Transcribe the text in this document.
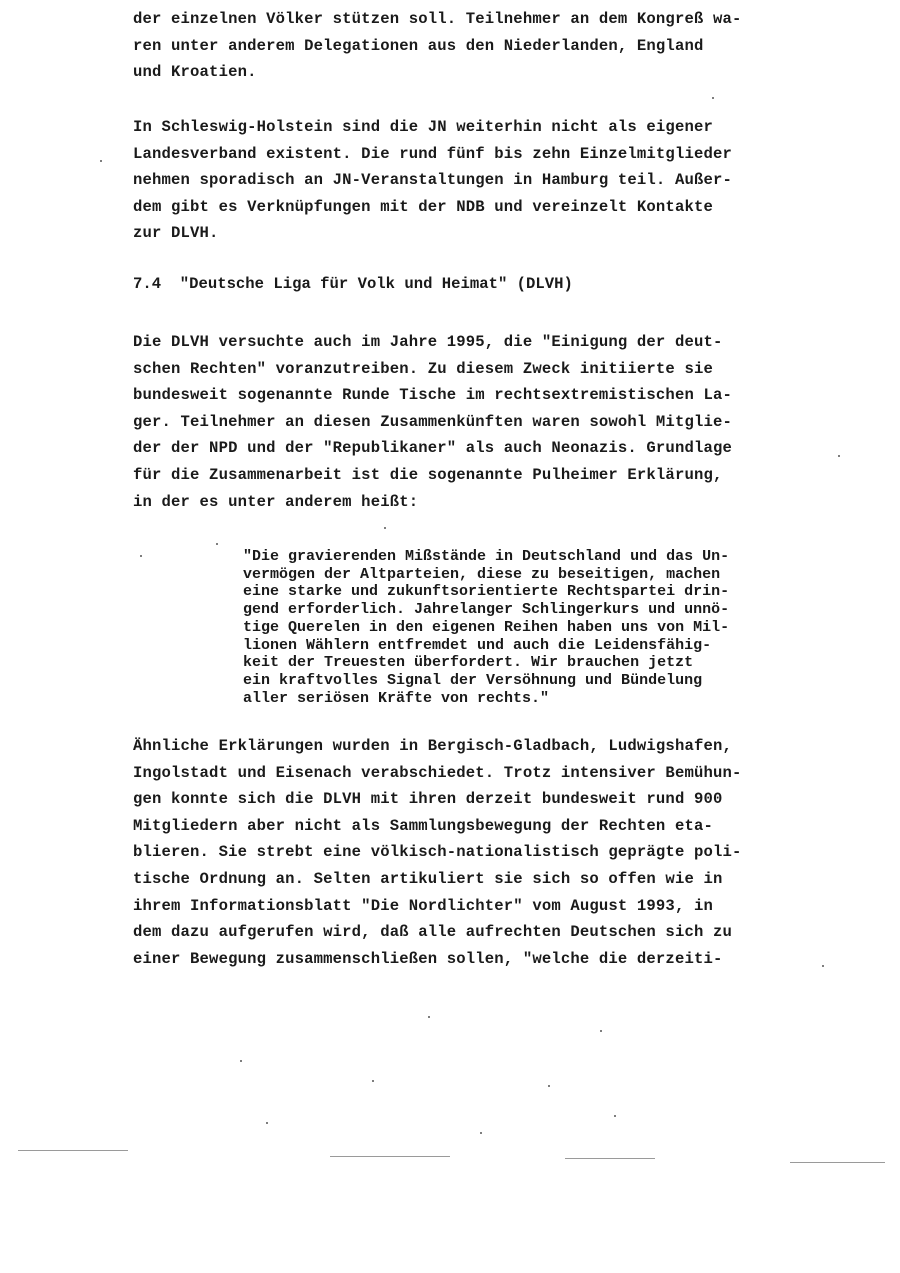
der einzelnen Völker stützen soll. Teilnehmer an dem Kongreß wa-
ren unter anderem Delegationen aus den Niederlanden, England
und Kroatien.
In Schleswig-Holstein sind die JN weiterhin nicht als eigener
Landesverband existent. Die rund fünf bis zehn Einzelmitglieder
nehmen sporadisch an JN-Veranstaltungen in Hamburg teil. Außer-
dem gibt es Verknüpfungen mit der NDB und vereinzelt Kontakte
zur DLVH.
7.4  "Deutsche Liga für Volk und Heimat" (DLVH)
Die DLVH versuchte auch im Jahre 1995, die "Einigung der deut-
schen Rechten" voranzutreiben. Zu diesem Zweck initiierte sie
bundesweit sogenannte Runde Tische im rechtsextremistischen La-
ger. Teilnehmer an diesen Zusammenkünften waren sowohl Mitglie-
der der NPD und der "Republikaner" als auch Neonazis. Grundlage
für die Zusammenarbeit ist die sogenannte Pulheimer Erklärung,
in der es unter anderem heißt:
"Die gravierenden Mißstände in Deutschland und das Un-
vermögen der Altparteien, diese zu beseitigen, machen
eine starke und zukunftsorientierte Rechtspartei drin-
gend erforderlich. Jahrelanger Schlingerkurs und unnö-
tige Querelen in den eigenen Reihen haben uns von Mil-
lionen Wählern entfremdet und auch die Leidensfähig-
keit der Treuesten überfordert. Wir brauchen jetzt
ein kraftvolles Signal der Versöhnung und Bündelung
aller seriösen Kräfte von rechts."
Ähnliche Erklärungen wurden in Bergisch-Gladbach, Ludwigshafen,
Ingolstadt und Eisenach verabschiedet. Trotz intensiver Bemühun-
gen konnte sich die DLVH mit ihren derzeit bundesweit rund 900
Mitgliedern aber nicht als Sammlungsbewegung der Rechten eta-
blieren. Sie strebt eine völkisch-nationalistisch geprägte poli-
tische Ordnung an. Selten artikuliert sie sich so offen wie in
ihrem Informationsblatt "Die Nordlichter" vom August 1993, in
dem dazu aufgerufen wird, daß alle aufrechten Deutschen sich zu
einer Bewegung zusammenschließen sollen, "welche die derzeiti-
